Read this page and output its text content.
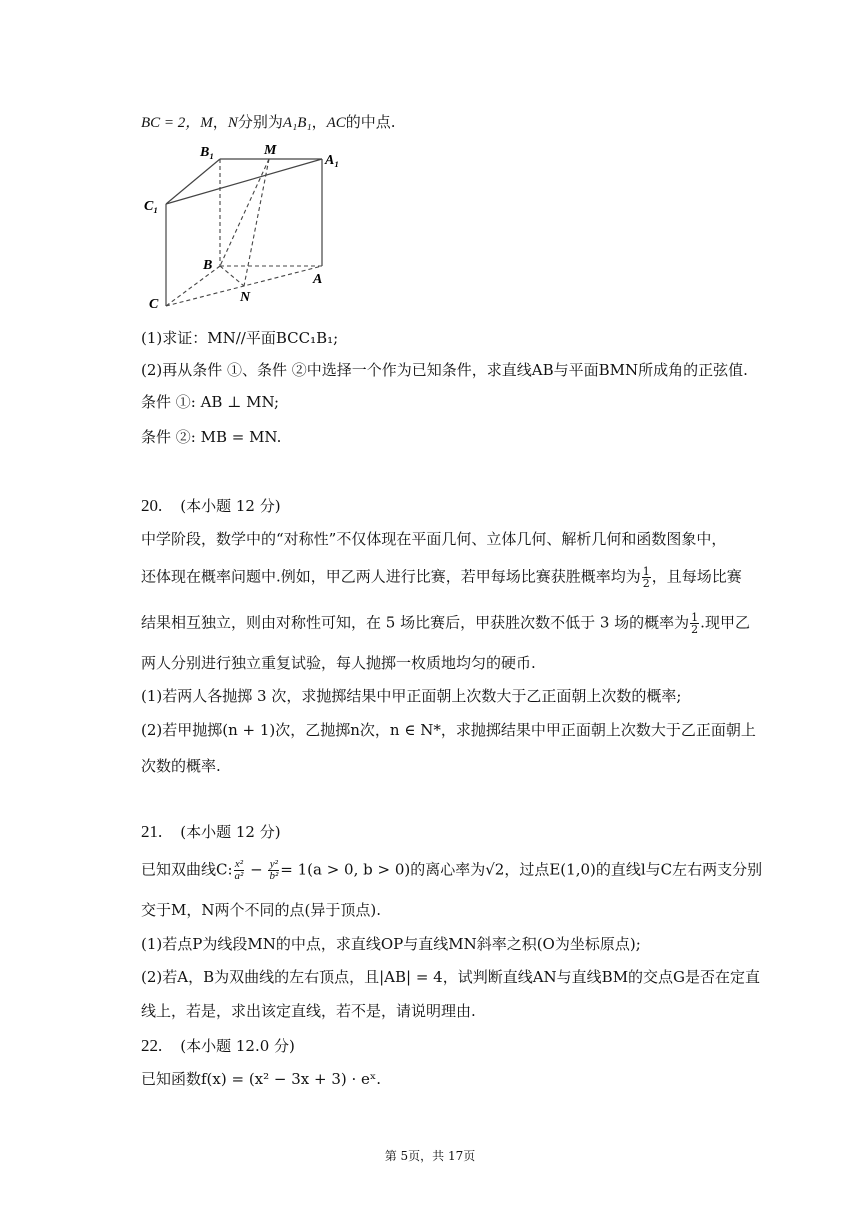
BC = 2，M，N分别为A₁B₁，AC的中点.
B₁	M
A₁
C₁
B
A
C	N
(1)求证：MN//平面BCC₁B₁;
(2)再从条件 ①、条件 ②中选择一个作为已知条件，求直线AB与平面BMN所成角的正弦值.
条件 ①: AB ⊥ MN;
条件 ②: MB = MN.
20. (本小题 12 分)
中学阶段，数学中的“对称性”不仅体现在平面几何、立体几何、解析几何和函数图象中，
还体现在概率问题中.例如，甲乙两人进行比赛，若甲每场比赛获胜概率均为 $\frac{1}{2}$ ，且每场比赛
结果相互独立，则由对称性可知，在 5 场比赛后，甲获胜次数不低于 3 场的概率为 $\frac{1}{2}$ .现甲乙
两人分别进行独立重复试验，每人抛掷一枚质地均匀的硬币.
(1)若两人各抛掷 3 次，求抛掷结果中甲正面朝上次数大于乙正面朝上次数的概率;
(2)若甲抛掷(n + 1)次，乙抛掷n次，n ∈ N*，求抛掷结果中甲正面朝上次数大于乙正面朝上
次数的概率.
21. (本小题 12 分)
已知双曲线C: $\frac{\text{x²}}{\text{a²}} - \frac{\text{y²}}{\text{b²}} = 1(a > 0$, b > 0)的离心率为√2，过点E(1,0)的直线l与C左右两支分别
交于M，N两个不同的点(异于顶点).
(1)若点P为线段MN的中点，求直线OP与直线MN斜率之积(O为坐标原点);
(2)若A，B为双曲线的左右顶点，且|AB| = 4，试判断直线AN与直线BM的交点G是否在定直
线上，若是，求出该定直线，若不是，请说明理由.
22. (本小题 12.0 分)
已知函数f(x) = (x² − 3x + 3) · eˣ.
第 5页，共 17页
